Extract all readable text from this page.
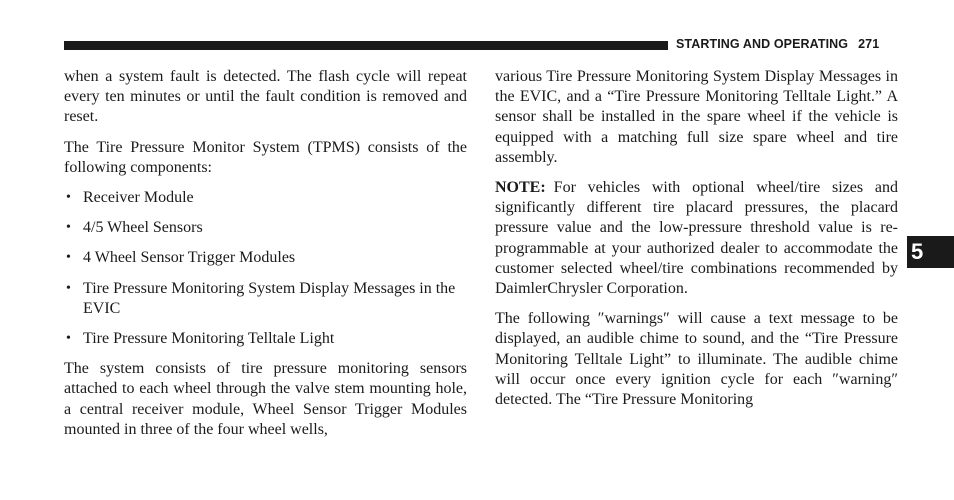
STARTING AND OPERATING 271
5

when a system fault is detected. The flash cycle will repeat every ten minutes or until the fault condition is removed and reset.

The Tire Pressure Monitor System (TPMS) consists of the following components:

• Receiver Module
• 4/5 Wheel Sensors
• 4 Wheel Sensor Trigger Modules
• Tire Pressure Monitoring System Display Messages in the EVIC
• Tire Pressure Monitoring Telltale Light

The system consists of tire pressure monitoring sensors attached to each wheel through the valve stem mounting hole, a central receiver module, Wheel Sensor Trigger Modules mounted in three of the four wheel wells,

various Tire Pressure Monitoring System Display Messages in the EVIC, and a “Tire Pressure Monitoring Telltale Light.” A sensor shall be installed in the spare wheel if the vehicle is equipped with a matching full size spare wheel and tire assembly.

NOTE: For vehicles with optional wheel/tire sizes and significantly different tire placard pressures, the placard pressure value and the low-pressure threshold value is re-programmable at your authorized dealer to accommodate the customer selected wheel/tire combinations recommended by DaimlerChrysler Corporation.

The following ″warnings″ will cause a text message to be displayed, an audible chime to sound, and the “Tire Pressure Monitoring Telltale Light” to illuminate. The audible chime will occur once every ignition cycle for each ″warning″ detected. The “Tire Pressure Monitoring
